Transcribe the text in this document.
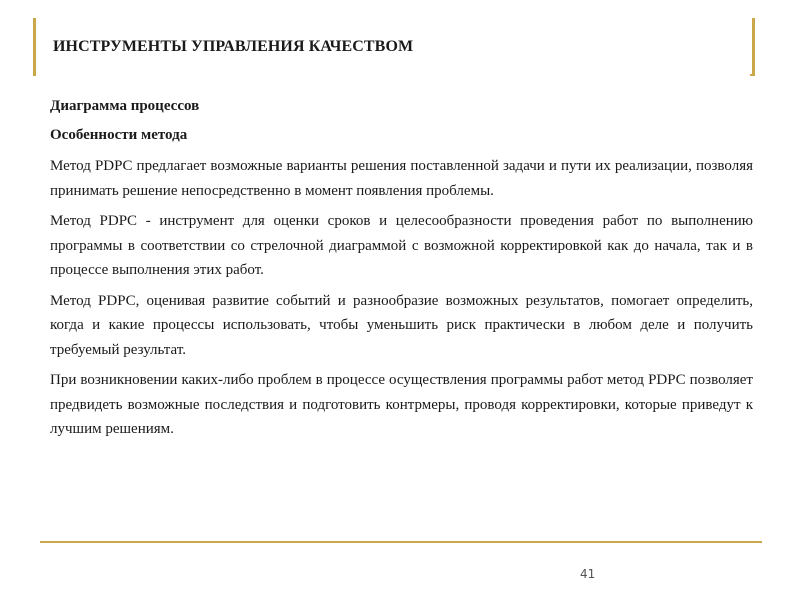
ИНСТРУМЕНТЫ УПРАВЛЕНИЯ КАЧЕСТВОМ

Диаграмма процессов

Особенности метода

Метод PDPC предлагает возможные варианты решения поставленной задачи и пути их реализации, позволяя принимать решение непосредственно в момент появления проблемы.

Метод PDPC - инструмент для оценки сроков и целесообразности проведения работ по выполнению программы в соответствии со стрелочной диаграммой с возможной корректировкой как до начала, так и в процессе выполнения этих работ.

Метод PDPC, оценивая развитие событий и разнообразие возможных результатов, помогает определить, когда и какие процессы использовать, чтобы уменьшить риск практически в любом деле и получить требуемый результат.

При возникновении каких-либо проблем в процессе осуществления программы работ метод PDPC позволяет предвидеть возможные последствия и подготовить контрмеры, проводя корректировки, которые приведут к лучшим решениям.

41
